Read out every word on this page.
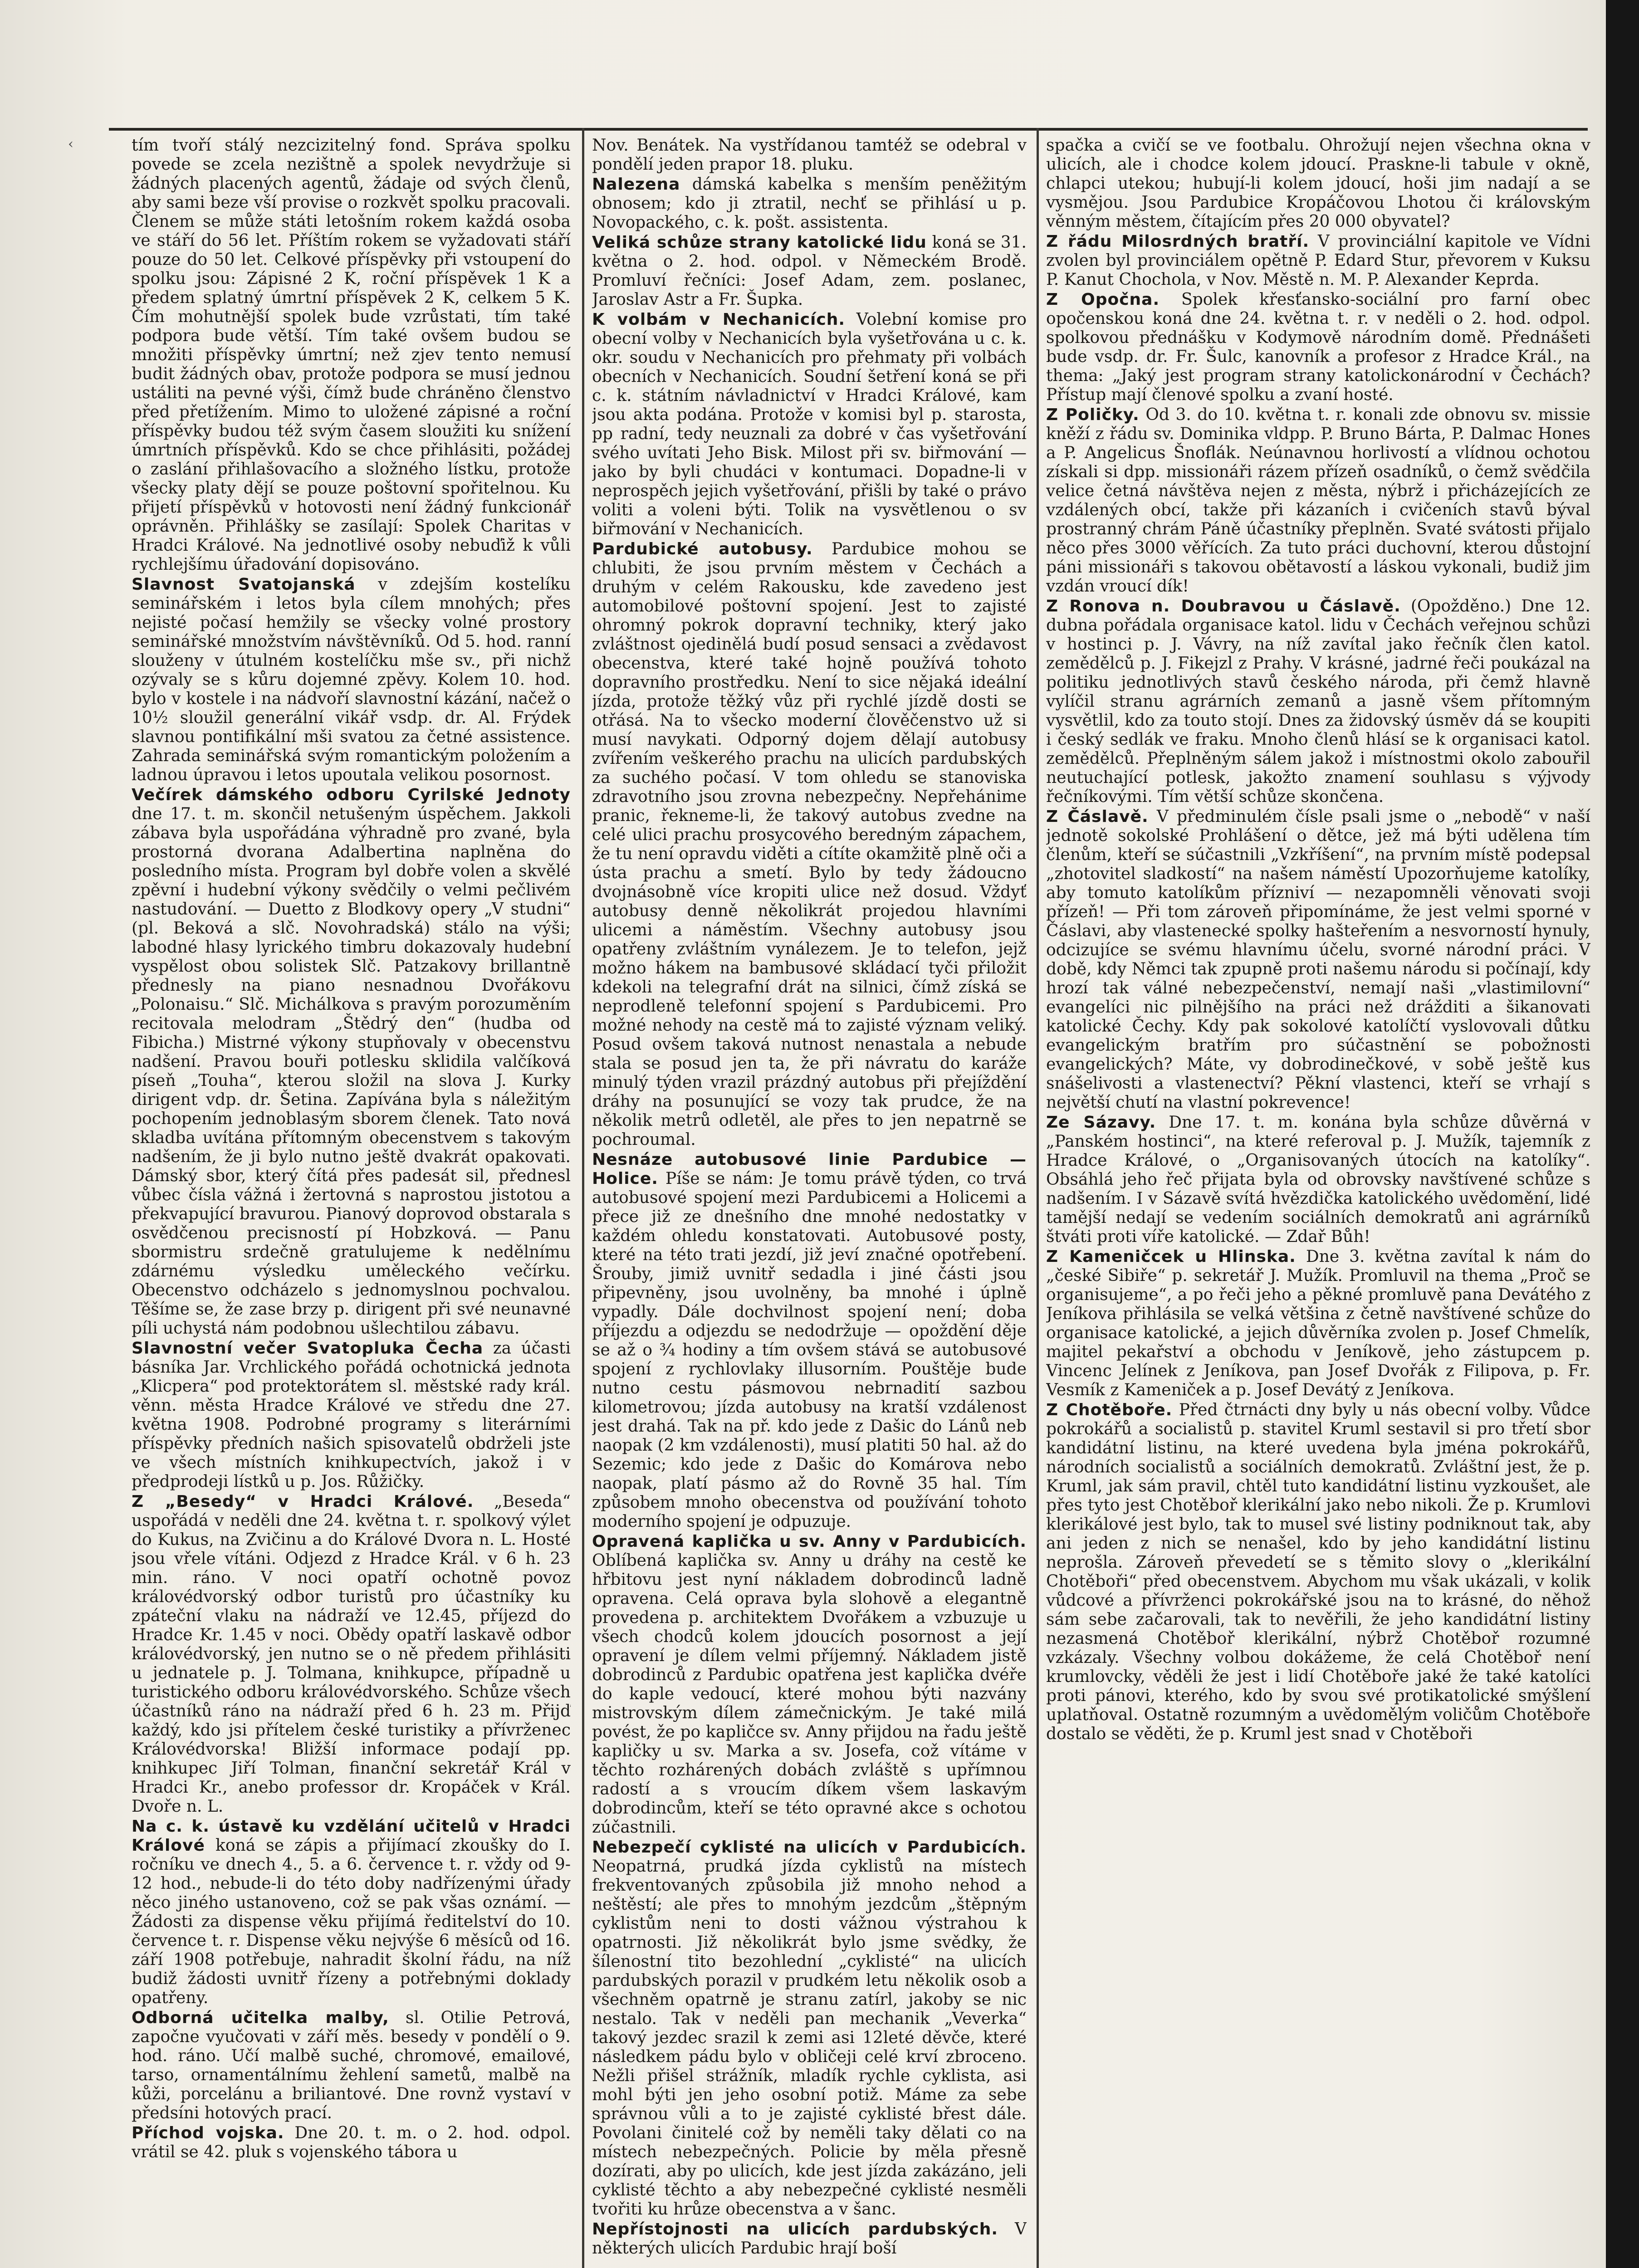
‹	tím tvoří stálý nezcizitelný fond. Správa spolku povede se zcela nezištně a spolek nevydržuje si žádných placených agentů, žádaje od svých členů, aby sami beze vší provise o rozkvět spolku pracovali. Členem se může státi letošním rokem každá osoba ve stáří do 56 let. Příštím rokem se vyžadovati stáří pouze do 50 let. Celkové příspěvky při vstoupení do spolku jsou: Zápisné 2 K, roční příspěvek 1 K a předem splatný úmrtní příspěvek 2 K, celkem 5 K. Čím mohutnější spolek bude vzrůstati, tím také podpora bude větší. Tím také ovšem budou se množiti příspěvky úmrtní; než zjev tento nemusí budit žádných obav, protože podpora se musí jednou ustáliti na pevné výši, čímž bude chráněno členstvo před přetížením. Mimo to uložené zápisné a roční příspěvky budou též svým časem sloužiti ku snížení úmrtních příspěvků. Kdo se chce přihlásiti, požádej o zaslání přihlašovacího a složného lístku, protože všecky platy dějí se pouze poštovní spořitelnou. Ku přijetí příspěvků v hotovosti není žádný funkcionář oprávněn. Přihlášky se zasílají: Spolek Charitas v Hradci Králové. Na jednotlivé osoby nebuďiž k vůli rychlejšímu úřadování dopisováno.

Slavnost Svatojanská v zdejším kostelíku seminářském i letos byla cílem mnohých; přes nejisté počasí hemžily se všecky volné prostory seminářské množstvím návštěvníků. Od 5. hod. ranní slouženy v útulném kostelíčku mše sv., při nichž ozývaly se s kůru dojemné zpěvy. Kolem 10. hod. bylo v kostele i na nádvoří slavnostní kázání, načež o 10½ sloužil generální vikář vsdp. dr. Al. Frýdek slavnou pontifikální mši svatou za četné assistence. Zahrada seminářská svým romantickým položením a ladnou úpravou i letos upoutala velikou posornost.

Večírek dámského odboru Cyrilské Jednoty dne 17. t. m. skončil netušeným úspěchem. Jakkoli zábava byla uspořádána výhradně pro zvané, byla prostorná dvorana Adalbertina naplněna do posledního místa. Program byl dobře volen a skvělé zpěvní i hudební výkony svědčily o velmi pečlivém nastudování. — Duetto z Blodkovy opery „V studni“ (pl. Beková a slč. Novohradská) stálo na výši; labodné hlasy lyrického timbru dokazovaly hudební vyspělost obou solistek Slč. Patzakovy brillantně přednesly na piano nesnadnou Dvořákovu „Polonaisu.“ Slč. Michálkova s pravým porozuměním recitovala melodram „Štědrý den“ (hudba od Fibicha.) Mistrné výkony stupňovaly v obecenstvu nadšení. Pravou bouři potlesku sklidila valčíková píseň „Touha“, kterou složil na slova J. Kurky dirigent vdp. dr. Šetina. Zapívána byla s náležitým pochopením jednoblasým sborem členek. Tato nová skladba uvítána přítomným obecenstvem s takovým nadšením, že ji bylo nutno ještě dvakrát opakovati. Dámský sbor, který čítá přes padesát sil, přednesl vůbec čísla vážná i žertovná s naprostou jistotou a překvapující bravurou. Pianový doprovod obstarala s osvědčenou precisností pí Hobzková. — Panu sbormistru srdečně gratulujeme k nedělnímu zdárnému výsledku uměleckého večírku. Obecenstvo odcházelo s jednomyslnou pochvalou. Těšíme se, že zase brzy p. dirigent při své neunavné píli uchystá nám podobnou ušlechtilou zábavu.

Slavnostní večer Svatopluka Čecha za účasti básníka Jar. Vrchlického pořádá ochotnická jednota „Klicpera“ pod protektorátem sl. městské rady král. věnn. města Hradce Králové ve středu dne 27. května 1908. Podrobné programy s literárními příspěvky předních našich spisovatelů obdrželi jste ve všech místních knihkupectvích, jakož i v předprodeji lístků u p. Jos. Růžičky.

Z „Besedy“ v Hradci Králové. „Beseda“ uspořádá v neděli dne 24. května t. r. spolkový výlet do Kukus, na Zvičinu a do Králové Dvora n. L. Hosté jsou vřele vítáni. Odjezd z Hradce Král. v 6 h. 23 min. ráno. V noci opatří ochotně povoz královédvorský odbor turistů pro účastníky ku zpáteční vlaku na nádraží ve 12.45, příjezd do Hradce Kr. 1.45 v noci. Obědy opatří laskavě odbor královédvorský, jen nutno se o ně předem přihlásiti u jednatele p. J. Tolmana, knihkupce, případně u turistického odboru královédvorského. Schůze všech účastníků ráno na nádraží před 6 h. 23 m. Přijď každý, kdo jsi přítelem české turistiky a přívrženec Královédvorska! Bližší informace podají pp. knihkupec Jiří Tolman, finanční sekretář Král v Hradci Kr., anebo professor dr. Kropáček v Král. Dvoře n. L.

Na c. k. ústavě ku vzdělání učitelů v Hradci Králové koná se zápis a přijímací zkoušky do I. ročníku ve dnech 4., 5. a 6. července t. r. vždy od 9-12 hod., nebude-li do této doby nadřízenými úřady něco jiného ustanoveno, což se pak všas oznámí. — Žádosti za dispense věku přijímá ředitelství do 10. července t. r. Dispense věku nejvýše 6 měsíců od 16. září 1908 potřebuje, nahradit školní řádu, na níž budiž žádosti uvnitř řízeny a potřebnými doklady opatřeny.

Odborná učitelka malby, sl. Otilie Petrová, započne vyučovati v září měs. besedy v pondělí o 9. hod. ráno. Učí malbě suché, chromové, emailové, tarso, ornamentálnímu žehlení sametů, malbě na kůži, porcelánu a briliantové. Dne rovnž vystaví v předsíni hotových prací.

Příchod vojska. Dne 20. t. m. o 2. hod. odpol. vrátil se 42. pluk s vojenského tábora u

Nov. Benátek. Na vystřídanou tamtéž se odebral v pondělí jeden prapor 18. pluku.

Nalezena dámská kabelka s menším peněžitým obnosem; kdo ji ztratil, nechť se přihlásí u p. Novopackého, c. k. pošt. assistenta.

Veliká schůze strany katolické lidu koná se 31. května o 2. hod. odpol. v Německém Brodě. Promluví řečníci: Josef Adam, zem. poslanec, Jaroslav Astr a Fr. Šupka.

K volbám v Nechanicích. Volební komise pro obecní volby v Nechanicích byla vyšetřována u c. k. okr. soudu v Nechanicích pro přehmaty při volbách obecních v Nechanicích. Soudní šetření koná se při c. k. státním návladnictví v Hradci Králové, kam jsou akta podána. Protože v komisi byl p. starosta, pp radní, tedy neuznali za dobré v čas vyšetřování svého uvítati Jeho Bisk. Milost při sv. biřmování — jako by byli chudáci v kontumaci. Dopadne-li v neprospěch jejich vyšetřování, přišli by také o právo voliti a voleni býti. Tolik na vysvětlenou o sv biřmování v Nechanicích.

Pardubické autobusy. Pardubice mohou se chlubiti, že jsou prvním městem v Čechách a druhým v celém Rakousku, kde zavedeno jest automobilové poštovní spojení. Jest to zajisté ohromný pokrok dopravní techniky, který jako zvláštnost ojedinělá budí posud sensaci a zvědavost obecenstva, které také hojně používá tohoto dopravního prostředku. Není to sice nějaká ideální jízda, protože těžký vůz při rychlé jízdě dosti se otřásá. Na to všecko moderní člověčenstvo už si musí navykati. Odporný dojem dělají autobusy zvířením veškerého prachu na ulicích pardubských za suchého počasí. V tom ohledu se stanoviska zdravotního jsou zrovna nebezpečny. Nepřehánime pranic, řekneme-li, že takový autobus zvedne na celé ulici prachu prosycového beredným zápachem, že tu není opravdu viděti a cítíte okamžitě plně oči a ústa prachu a smetí. Bylo by tedy žádoucno dvojnásobně více kropiti ulice než dosud. Vždyť autobusy denně několikrát projedou hlavními ulicemi a náměstím. Všechny autobusy jsou opatřeny zvláštním vynálezem. Je to telefon, jejž možno hákem na bambusové skládací tyči přiložit kdekoli na telegrafní drát na silnici, čímž získá se neprodleně telefonní spojení s Pardubicemi. Pro možné nehody na cestě má to zajisté význam veliký. Posud ovšem taková nutnost nenastala a nebude stala se posud jen ta, že při návratu do karáže minulý týden vrazil prázdný autobus při přejíždění dráhy na posunující se vozy tak prudce, že na několik metrů odletěl, ale přes to jen nepatrně se pochroumal.

Nesnáze autobusové linie Pardubice —Holice. Píše se nám: Je tomu právě týden, co trvá autobusové spojení mezi Pardubicemi a Holicemi a přece již ze dnešního dne mnohé nedostatky v každém ohledu konstatovati. Autobusové posty, které na této trati jezdí, již jeví značné opotřebení. Šrouby, jimiž uvnitř sedadla i jiné části jsou připevněny, jsou uvolněny, ba mnohé i úplně vypadly. Dále dochvilnost spojení není; doba příjezdu a odjezdu se nedodržuje — opoždění děje se až o ¾ hodiny a tím ovšem stává se autobusové spojení z rychlovlaky illusorním. Pouštěje bude nutno cestu pásmovou nebrnadití sazbou kilometrovou; jízda autobusy na kratší vzdálenost jest drahá. Tak na př. kdo jede z Dašic do Lánů neb naopak (2 km vzdálenosti), musí platiti 50 hal. až do Sezemic; kdo jede z Dašic do Komárova nebo naopak, platí pásmo až do Rovně 35 hal. Tím způsobem mnoho obecenstva od používání tohoto moderního spojení je odpuzuje.

Opravená kaplička u sv. Anny v Pardubicích. Oblíbená kaplička sv. Anny u dráhy na cestě ke hřbitovu jest nyní nákladem dobrodinců ladně opravena. Celá oprava byla slohově a elegantně provedena p. architektem Dvořákem a vzbuzuje u všech chodců kolem jdoucích posornost a její opravení je dílem velmi příjemný. Nákladem jistě dobrodinců z Pardubic opatřena jest kaplička dvéře do kaple vedoucí, které mohou býti nazvány mistrovským dílem zámečnickým. Je také milá povést, že po kapličce sv. Anny přijdou na řadu ještě kapličky u sv. Marka a sv. Josefa, což vítáme v těchto rozhárených dobách zvláště s upřímnou radostí a s vroucím díkem všem laskavým dobrodincům, kteří se této opravné akce s ochotou zúčastnili.

Nebezpečí cyklisté na ulicích v Pardubicích. Neopatrná, prudká jízda cyklistů na místech frekventovaných způsobila již mnoho nehod a neštěstí; ale přes to mnohým jezdcům „štěpným cyklistům neni to dosti vážnou výstrahou k opatrnosti. Již několikrát bylo jsme svědky, že šílenostní tito bezohlední „cyklisté“ na ulicích pardubských porazil v prudkém letu několik osob a všechněm opatrně je stranu zatírl, jakoby se nic nestalo. Tak v neděli pan mechanik „Veverka“ takový jezdec srazil k zemi asi 12leté děvče, které následkem pádu bylo v obličeji celé krví zbroceno. Nežli přišel strážník, mladík rychle cyklista, asi mohl býti jen jeho osobní potiž. Máme za sebe správnou vůli a to je zajisté cyklisté břest dále. Povolani činitelé což by neměli taky dělati co na místech nebezpečných. Policie by měla přesně dozírati, aby po ulicích, kde jest jízda zakázáno, jeli cyklisté těchto a aby nebezpečné cyklisté nesměli tvořiti ku hrůze obecenstva a v šanc.

Nepřístojnosti na ulicích pardubských. V některých ulicích Pardubic hrají boší

spačka a cvičí se ve footbalu. Ohrožují nejen všechna okna v ulicích, ale i chodce kolem jdoucí. Praskne-li tabule v okně, chlapci utekou; hubují-li kolem jdoucí, hoši jim nadají a se vysmějou. Jsou Pardubice Kropáčovou Lhotou či královským věnným městem, čítajícím přes 20 000 obyvatel?

Z řádu Milosrdných bratří. V provinciální kapitole ve Vídni zvolen byl provinciálem opětně P. Edard Stur, převorem v Kuksu P. Kanut Chochola, v Nov. Městě n. M. P. Alexander Keprda.

Z Opočna. Spolek křesťansko-sociální pro farní obec opočenskou koná dne 24. května t. r. v neděli o 2. hod. odpol. spolkovou přednášku v Kodymově národním domě. Přednášeti bude vsdp. dr. Fr. Šulc, kanovník a profesor z Hradce Král., na thema: „Jaký jest program strany katolickonárodní v Čechách? Přístup mají členové spolku a zvaní hosté.

Z Poličky. Od 3. do 10. května t. r. konali zde obnovu sv. missie kněží z řádu sv. Dominika vldpp. P. Bruno Bárta, P. Dalmac Hones a P. Angelicus Šnoflák. Neúnavnou horlivostí a vlídnou ochotou získali si dpp. missionáři rázem přízeň osadníků, o čemž svědčila velice četná návštěva nejen z města, nýbrž i přicházejících ze vzdálených obcí, takže při kázaních i cvičeních stavů býval prostranný chrám Páně účastníky přeplněn. Svaté svátosti přijalo něco přes 3000 věřících. Za tuto práci duchovní, kterou důstojní páni missionáři s takovou obětavostí a láskou vykonali, budiž jim vzdán vroucí dík!

Z Ronova n. Doubravou u Čáslavě. (Opožděno.) Dne 12. dubna pořádala organisace katol. lidu v Čechách veřejnou schůzi v hostinci p. J. Vávry, na níž zavítal jako řečník člen katol. zemědělců p. J. Fikejzl z Prahy. V krásné, jadrné řeči poukázal na politiku jednotlivých stavů českého národa, při čemž hlavně vylíčil stranu agrárních zemanů a jasně všem přítomným vysvětlil, kdo za touto stojí. Dnes za židovský úsměv dá se koupiti i český sedlák ve fraku. Mnoho členů hlásí se k organisaci katol. zemědělců. Přeplněným sálem jakož i místnostmi okolo zabouřil neutuchající potlesk, jakožto znamení souhlasu s výjvody řečníkovými. Tím větší schůze skončena.

Z Čáslavě. V předminulém čísle psali jsme o „nebodě“ v naší jednotě sokolské Prohlášení o dětce, jež má býti udělena tím členům, kteří se súčastnili „Vzkříšení“, na prvním místě podepsal „zhotovitel sladkostí“ na našem náměstí Upozorňujeme katolíky, aby tomuto katolíkům přízniví — nezapomněli věnovati svoji přízeň! — Při tom zároveň připomínáme, že jest velmi sporné v Čáslavi, aby vlastenecké spolky hašteřením a nesvorností hynuly, odcizujíce se svému hlavnímu účelu, svorné národní práci. V době, kdy Němci tak zpupně proti našemu národu si počínají, kdy hrozí tak válné nebezpečenství, nemají naši „vlastimilovní“ evangelíci nic pilnějšího na práci než drážditi a šikanovati katolické Čechy. Kdy pak sokolové katolíčtí vyslovovali důtku evangelickým bratřím pro súčastnění se pobožnosti evangelických? Máte, vy dobrodinečkové, v sobě ještě kus snášelivosti a vlastenectví? Pěkní vlastenci, kteří se vrhají s největší chutí na vlastní pokrevence!

Ze Sázavy. Dne 17. t. m. konána byla schůze důvěrná v „Panském hostinci“, na které referoval p. J. Mužík, tajemník z Hradce Králové, o „Organisovaných útocích na katolíky“. Obsáhlá jeho řeč přijata byla od obrovsky navštívené schůze s nadšením. I v Sázavě svítá hvězdička katolického uvědomění, lidé tamější nedají se vedením sociálních demokratů ani agrárníků štváti proti víře katolické. — Zdař Bůh!

Z Kameničcek u Hlinska. Dne 3. května zavítal k nám do „české Sibiře“ p. sekretář J. Mužík. Promluvil na thema „Proč se organisujeme“, a po řeči jeho a pěkné promluvě pana Devátého z Jeníkova přihlásila se velká většina z četně navštívené schůze do organisace katolické, a jejich důvěrníka zvolen p. Josef Chmelík, majitel pekařství a obchodu v Jeníkově, jeho zástupcem p. Vincenc Jelínek z Jeníkova, pan Josef Dvořák z Filipova, p. Fr. Vesmík z Kameniček a p. Josef Devátý z Jeníkova.

Z Chotěboře. Před čtrnácti dny byly u nás obecní volby. Vůdce pokrokářů a socialistů p. stavitel Kruml sestavil si pro třetí sbor kandidátní listinu, na které uvedena byla jména pokrokářů, národních socialistů a sociálních demokratů. Zvláštní jest, že p. Kruml, jak sám pravil, chtěl tuto kandidátní listinu vyzkoušet, ale přes tyto jest Chotěboř klerikální jako nebo nikoli. Že p. Krumlovi klerikálové jest bylo, tak to musel své listiny podniknout tak, aby ani jeden z nich se nenašel, kdo by jeho kandidátní listinu neprošla. Zároveň převedetí se s těmito slovy o „klerikální Chotěboři“ před obecenstvem. Abychom mu však ukázali, v kolik vůdcové a přívrženci pokrokářské jsou na to krásné, do něhož sám sebe začarovali, tak to nevěřili, že jeho kandidátní listiny nezasmená Chotěboř klerikální, nýbrž Chotěboř rozumné vzkázaly. Všechny volbou dokážeme, že celá Chotěboř není krumlovcky, věděli že jest i lidí Chotěboře jaké že také katolíci proti pánovi, kterého, kdo by svou své protikatolické smýšlení uplatňoval. Ostatně rozumným a uvědomělým voličům Chotěboře dostalo se věděti, že p. Kruml jest snad v Chotěboři
